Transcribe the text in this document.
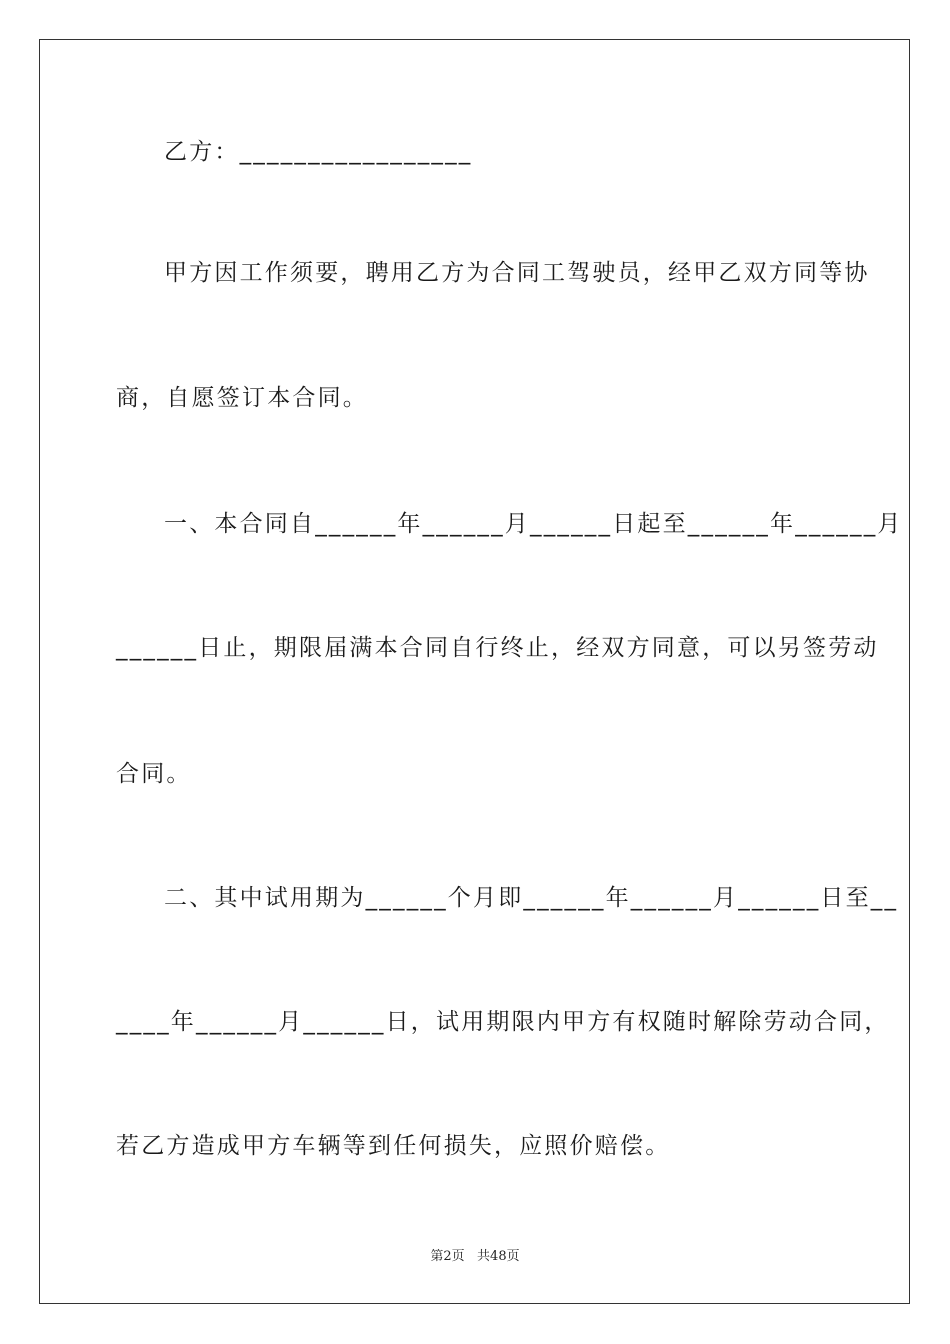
乙方：_________________
甲方因工作须要，聘用乙方为合同工驾驶员，经甲乙双方同等协
商，自愿签订本合同。
一、本合同自______年______月______日起至______年______月
______日止，期限届满本合同自行终止，经双方同意，可以另签劳动
合同。
二、其中试用期为______个月即______年______月______日至__
____年______月______日，试用期限内甲方有权随时解除劳动合同，
若乙方造成甲方车辆等到任何损失，应照价赔偿。
第2页   共48页
